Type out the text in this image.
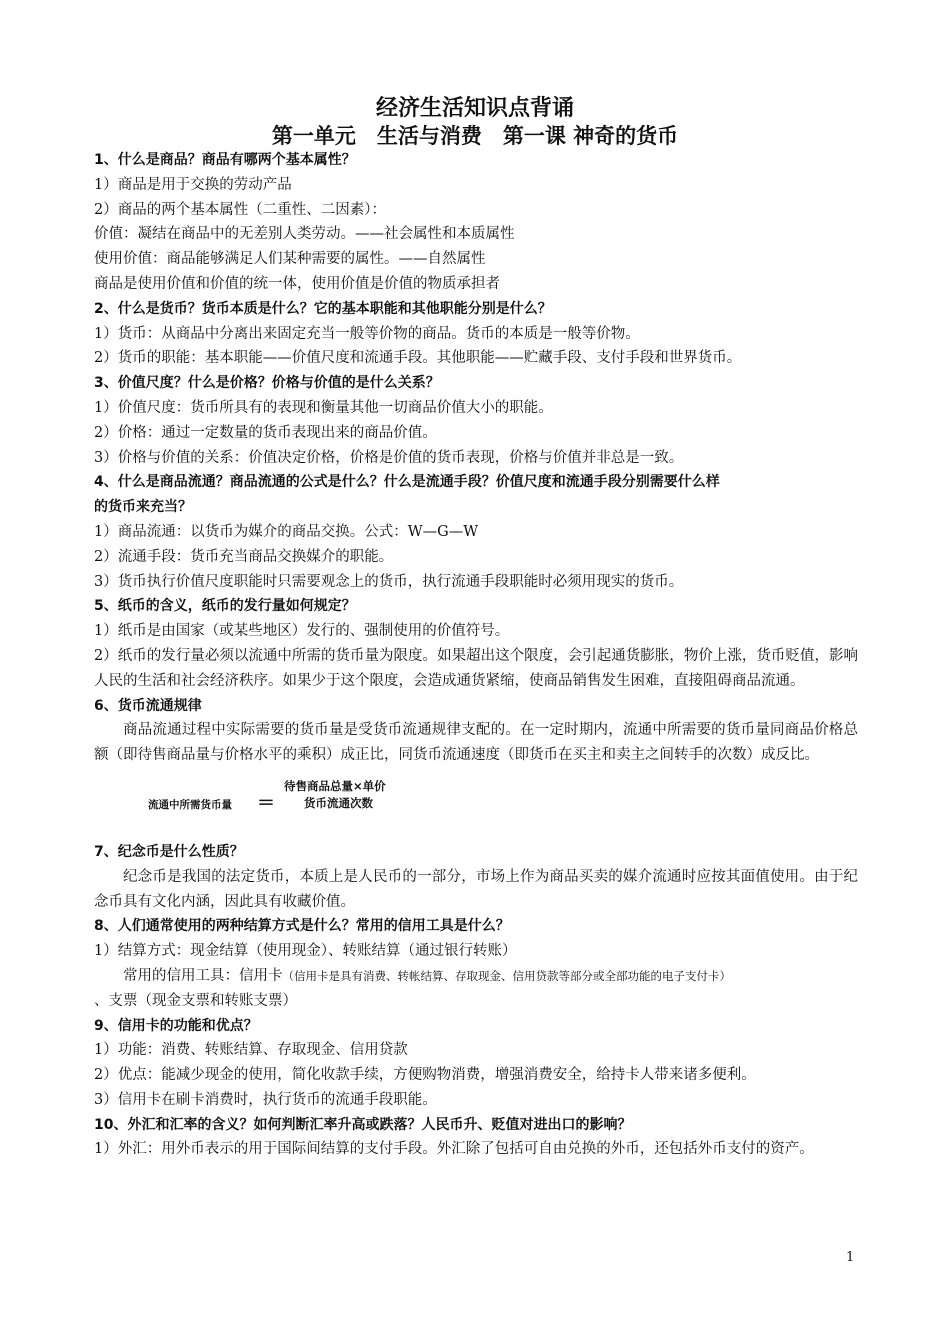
经济生活知识点背诵
第一单元　生活与消费　第一课 神奇的货币
1、什么是商品？商品有哪两个基本属性？
1）商品是用于交换的劳动产品
2）商品的两个基本属性（二重性、二因素）：
价值：凝结在商品中的无差别人类劳动。——社会属性和本质属性
使用价值：商品能够满足人们某种需要的属性。——自然属性
商品是使用价值和价值的统一体，使用价值是价值的物质承担者
2、什么是货币？货币本质是什么？它的基本职能和其他职能分别是什么？
1）货币：从商品中分离出来固定充当一般等价物的商品。货币的本质是一般等价物。
2）货币的职能：基本职能——价值尺度和流通手段。其他职能——贮藏手段、支付手段和世界货币。
3、价值尺度？什么是价格？价格与价值的是什么关系？
1）价值尺度：货币所具有的表现和衡量其他一切商品价值大小的职能。
2）价格：通过一定数量的货币表现出来的商品价值。
3）价格与价值的关系：价值决定价格，价格是价值的货币表现，价格与价值并非总是一致。
4、什么是商品流通？商品流通的公式是什么？什么是流通手段？价值尺度和流通手段分别需要什么样
的货币来充当？
1）商品流通：以货币为媒介的商品交换。公式：W—G—W
2）流通手段：货币充当商品交换媒介的职能。
3）货币执行价值尺度职能时只需要观念上的货币，执行流通手段职能时必须用现实的货币。
5、纸币的含义，纸币的发行量如何规定？
1）纸币是由国家（或某些地区）发行的、强制使用的价值符号。
2）纸币的发行量必须以流通中所需的货币量为限度。如果超出这个限度，会引起通货膨胀，物价上涨，货币贬值，影响人民的生活和社会经济秩序。如果少于这个限度，会造成通货紧缩，使商品销售发生困难，直接阻碍商品流通。
6、货币流通规律
商品流通过程中实际需要的货币量是受货币流通规律支配的。在一定时期内，流通中所需要的货币量同商品价格总额（即待售商品量与价格水平的乘积）成正比，同货币流通速度（即货币在买主和卖主之间转手的次数）成反比。
流通中所需货币量 ＝
待售商品总量×单价
货币流通次数
7、纪念币是什么性质？
纪念币是我国的法定货币，本质上是人民币的一部分，市场上作为商品买卖的媒介流通时应按其面值使用。由于纪念币具有文化内涵，因此具有收藏价值。
8、人们通常使用的两种结算方式是什么？常用的信用工具是什么？
1）结算方式：现金结算（使用现金）、转账结算（通过银行转账）
常用的信用工具：信用卡（信用卡是具有消费、转帐结算、存取现金、信用贷款等部分或全部功能的电子支付卡）
、支票（现金支票和转账支票）
9、信用卡的功能和优点？
1）功能：消费、转账结算、存取现金、信用贷款
2）优点：能减少现金的使用，简化收款手续，方便购物消费，增强消费安全，给持卡人带来诸多便利。
3）信用卡在刷卡消费时，执行货币的流通手段职能。
10、外汇和汇率的含义？如何判断汇率升高或跌落？人民币升、贬值对进出口的影响？
1）外汇：用外币表示的用于国际间结算的支付手段。外汇除了包括可自由兑换的外币，还包括外币支付的资产。
1
